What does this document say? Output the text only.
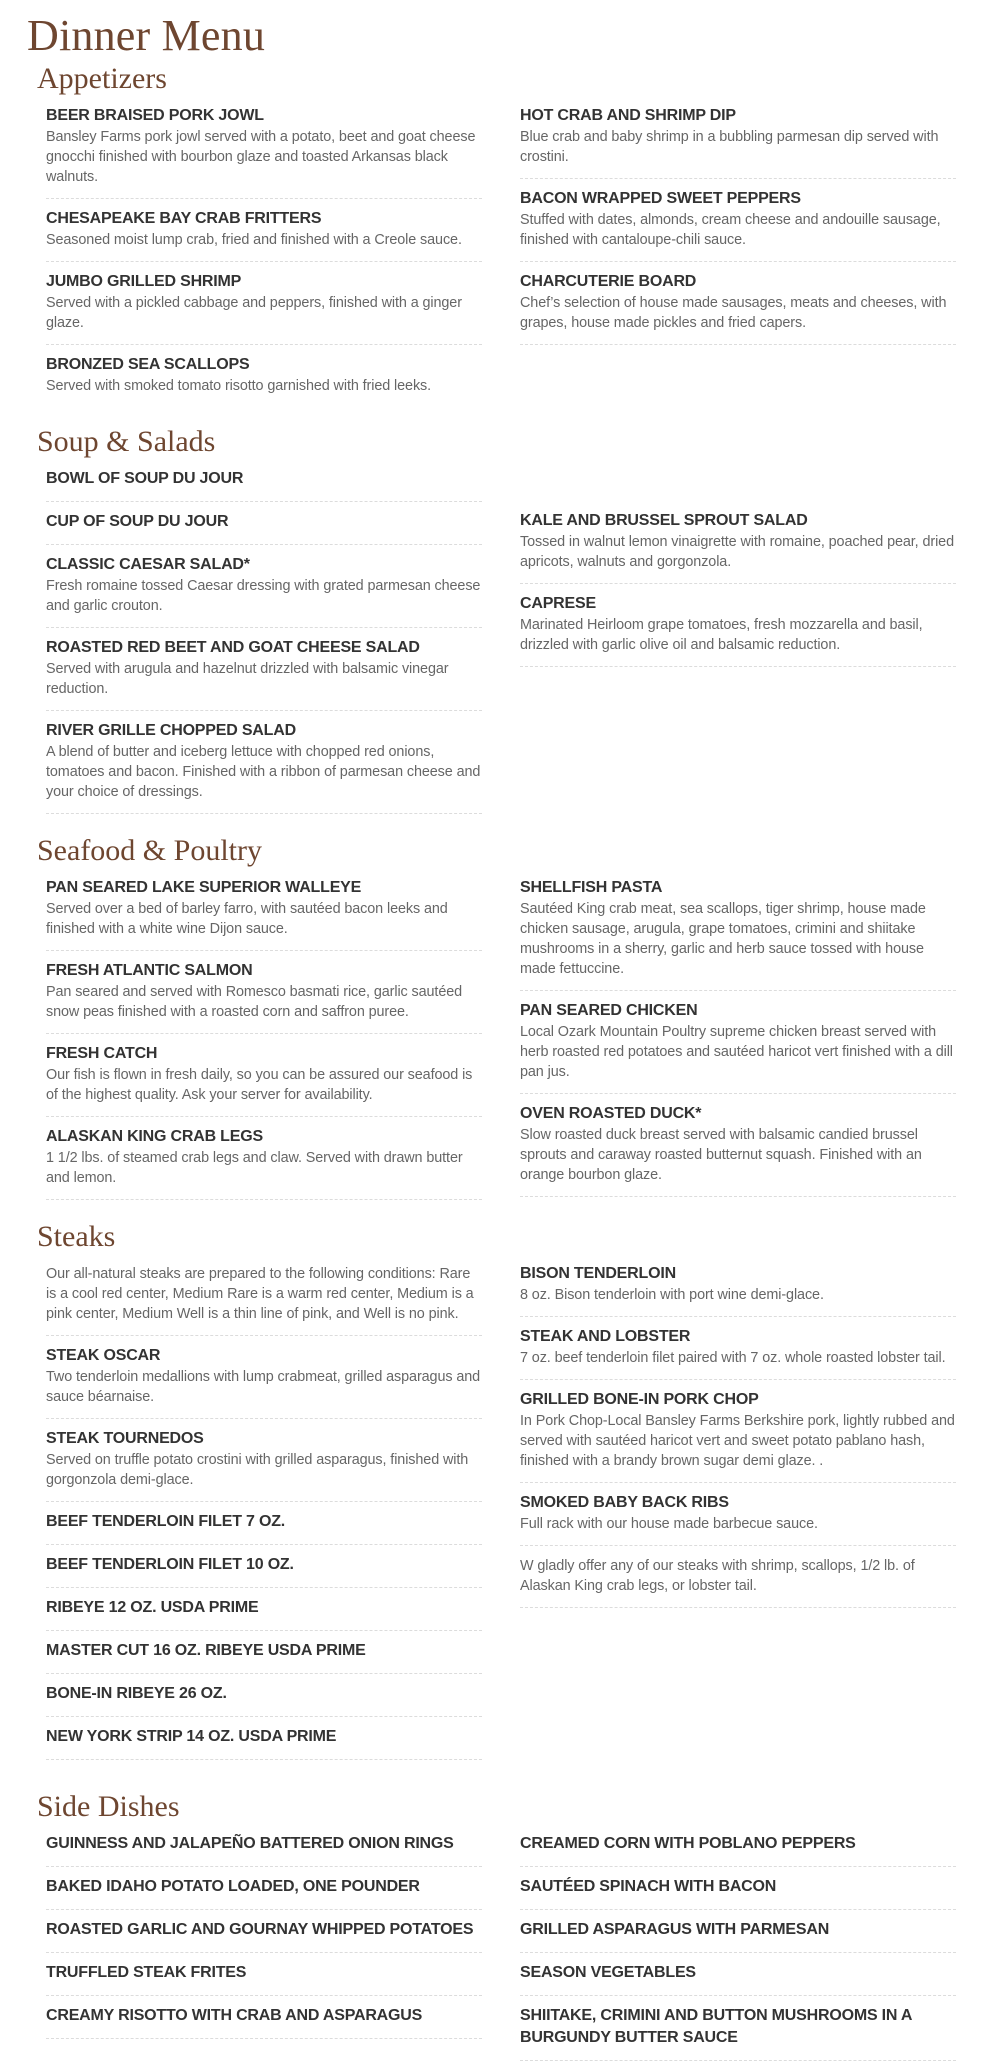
Dinner Menu
Appetizers
BEER BRAISED PORK JOWL
Bansley Farms pork jowl served with a potato, beet and goat cheese gnocchi finished with bourbon glaze and toasted Arkansas black walnuts.
CHESAPEAKE BAY CRAB FRITTERS
Seasoned moist lump crab, fried and finished with a Creole sauce.
JUMBO GRILLED SHRIMP
Served with a pickled cabbage and peppers, finished with a ginger glaze.
BRONZED SEA SCALLOPS
Served with smoked tomato risotto garnished with fried leeks.
HOT CRAB AND SHRIMP DIP
Blue crab and baby shrimp in a bubbling parmesan dip served with crostini.
BACON WRAPPED SWEET PEPPERS
Stuffed with dates, almonds, cream cheese and andouille sausage, finished with cantaloupe-chili sauce.
CHARCUTERIE BOARD
Chef’s selection of house made sausages, meats and cheeses, with grapes, house made pickles and fried capers.
Soup & Salads
BOWL OF SOUP DU JOUR
CUP OF SOUP DU JOUR
CLASSIC CAESAR SALAD*
Fresh romaine tossed Caesar dressing with grated parmesan cheese and garlic crouton.
ROASTED RED BEET AND GOAT CHEESE SALAD
Served with arugula and hazelnut drizzled with balsamic vinegar reduction.
RIVER GRILLE CHOPPED SALAD
A blend of butter and iceberg lettuce with chopped red onions, tomatoes and bacon. Finished with a ribbon of parmesan cheese and your choice of dressings.
KALE AND BRUSSEL SPROUT SALAD
Tossed in walnut lemon vinaigrette with romaine, poached pear, dried apricots, walnuts and gorgonzola.
CAPRESE
Marinated Heirloom grape tomatoes, fresh mozzarella and basil, drizzled with garlic olive oil and balsamic reduction.
Seafood & Poultry
PAN SEARED LAKE SUPERIOR WALLEYE
Served over a bed of barley farro, with sautéed bacon leeks and finished with a white wine Dijon sauce.
FRESH ATLANTIC SALMON
Pan seared and served with Romesco basmati rice, garlic sautéed snow peas finished with a roasted corn and saffron puree.
FRESH CATCH
Our fish is flown in fresh daily, so you can be assured our seafood is of the highest quality. Ask your server for availability.
ALASKAN KING CRAB LEGS
1 1/2 lbs. of steamed crab legs and claw. Served with drawn butter and lemon.
SHELLFISH PASTA
Sautéed King crab meat, sea scallops, tiger shrimp, house made chicken sausage, arugula, grape tomatoes, crimini and shiitake mushrooms in a sherry, garlic and herb sauce tossed with house made fettuccine.
PAN SEARED CHICKEN
Local Ozark Mountain Poultry supreme chicken breast served with herb roasted red potatoes and sautéed haricot vert finished with a dill pan jus.
OVEN ROASTED DUCK*
Slow roasted duck breast served with balsamic candied brussel sprouts and caraway roasted butternut squash. Finished with an orange bourbon glaze.
Steaks
Our all-natural steaks are prepared to the following conditions: Rare is a cool red center, Medium Rare is a warm red center, Medium is a pink center, Medium Well is a thin line of pink, and Well is no pink.
STEAK OSCAR
Two tenderloin medallions with lump crabmeat, grilled asparagus and sauce béarnaise.
STEAK TOURNEDOS
Served on truffle potato crostini with grilled asparagus, finished with gorgonzola demi-glace.
BEEF TENDERLOIN FILET 7 OZ.
BEEF TENDERLOIN FILET 10 OZ.
RIBEYE 12 OZ. USDA PRIME
MASTER CUT 16 OZ. RIBEYE USDA PRIME
BONE-IN RIBEYE 26 OZ.
NEW YORK STRIP 14 OZ. USDA PRIME
BISON TENDERLOIN
8 oz. Bison tenderloin with port wine demi-glace.
STEAK AND LOBSTER
7 oz. beef tenderloin filet paired with 7 oz. whole roasted lobster tail.
GRILLED BONE-IN PORK CHOP
In Pork Chop-Local Bansley Farms Berkshire pork, lightly rubbed and served with sautéed haricot vert and sweet potato pablano hash, finished with a brandy brown sugar demi glaze. .
SMOKED BABY BACK RIBS
Full rack with our house made barbecue sauce.
W gladly offer any of our steaks with shrimp, scallops, 1/2 lb. of Alaskan King crab legs, or lobster tail.
Side Dishes
GUINNESS AND JALAPEÑO BATTERED ONION RINGS
BAKED IDAHO POTATO LOADED, ONE POUNDER
ROASTED GARLIC AND GOURNAY WHIPPED POTATOES
TRUFFLED STEAK FRITES
CREAMY RISOTTO WITH CRAB AND ASPARAGUS
CREAMED CORN WITH POBLANO PEPPERS
SAUTÉED SPINACH WITH BACON
GRILLED ASPARAGUS WITH PARMESAN
SEASON VEGETABLES
SHIITAKE, CRIMINI AND BUTTON MUSHROOMS IN A BURGUNDY BUTTER SAUCE
